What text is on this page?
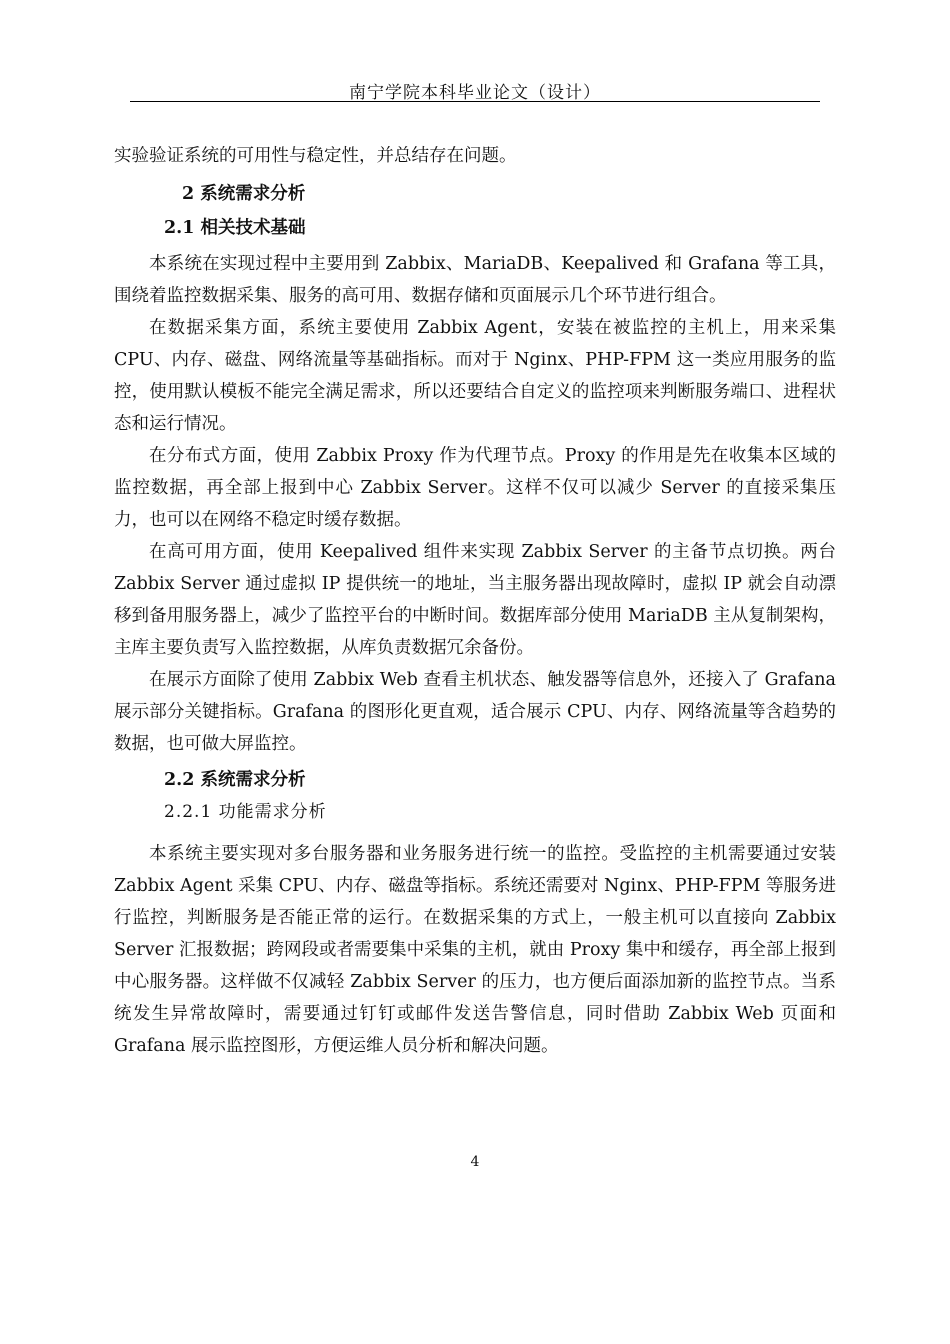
南宁学院本科毕业论文（设计）

实验验证系统的可用性与稳定性，并总结存在问题。

2 系统需求分析
2.1 相关技术基础

本系统在实现过程中主要用到 Zabbix、MariaDB、Keepalived 和 Grafana 等工具，围绕着监控数据采集、服务的高可用、数据存储和页面展示几个环节进行组合。

在数据采集方面，系统主要使用 Zabbix Agent，安装在被监控的主机上，用来采集 CPU、内存、磁盘、网络流量等基础指标。而对于 Nginx、PHP-FPM 这一类应用服务的监控，使用默认模板不能完全满足需求，所以还要结合自定义的监控项来判断服务端口、进程状态和运行情况。

在分布式方面，使用 Zabbix Proxy 作为代理节点。Proxy 的作用是先在收集本区域的监控数据，再全部上报到中心 Zabbix Server。这样不仅可以减少 Server 的直接采集压力，也可以在网络不稳定时缓存数据。

在高可用方面，使用 Keepalived 组件来实现 Zabbix Server 的主备节点切换。两台 Zabbix Server 通过虚拟 IP 提供统一的地址，当主服务器出现故障时，虚拟 IP 就会自动漂移到备用服务器上，减少了监控平台的中断时间。数据库部分使用 MariaDB 主从复制架构，主库主要负责写入监控数据，从库负责数据冗余备份。

在展示方面除了使用 Zabbix Web 查看主机状态、触发器等信息外，还接入了 Grafana 展示部分关键指标。Grafana 的图形化更直观，适合展示 CPU、内存、网络流量等含趋势的数据，也可做大屏监控。

2.2 系统需求分析
2.2.1 功能需求分析

本系统主要实现对多台服务器和业务服务进行统一的监控。受监控的主机需要通过安装 Zabbix Agent 采集 CPU、内存、磁盘等指标。系统还需要对 Nginx、PHP-FPM 等服务进行监控，判断服务是否能正常的运行。在数据采集的方式上，一般主机可以直接向 Zabbix Server 汇报数据；跨网段或者需要集中采集的主机，就由 Proxy 集中和缓存，再全部上报到中心服务器。这样做不仅减轻 Zabbix Server 的压力，也方便后面添加新的监控节点。当系统发生异常故障时，需要通过钉钉或邮件发送告警信息，同时借助 Zabbix Web 页面和 Grafana 展示监控图形，方便运维人员分析和解决问题。

4
